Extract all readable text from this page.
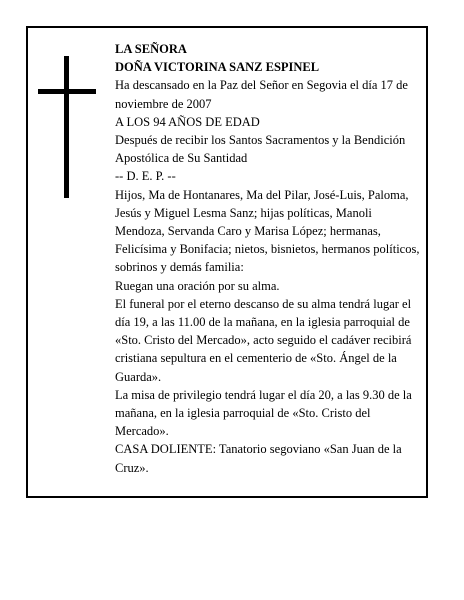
LA SEÑORA

DOÑA VICTORINA SANZ ESPINEL

Ha descansado en la Paz del Señor en Segovia el día 17 de noviembre de 2007

A LOS 94 AÑOS DE EDAD

Después de recibir los Santos Sacramentos y la Bendición Apostólica de Su Santidad

-- D. E. P. --

Hijos, Ma de Hontanares, Ma del Pilar, José-Luis, Paloma, Jesús y Miguel Lesma Sanz; hijas políticas, Manoli Mendoza, Servanda Caro y Marisa López; hermanas, Felicísima y Bonifacia; nietos, bisnietos, hermanos políticos, sobrinos y demás familia:

Ruegan una oración por su alma.

El funeral por el eterno descanso de su alma tendrá lugar el día 19, a las 11.00 de la mañana, en la iglesia parroquial de «Sto. Cristo del Mercado», acto seguido el cadáver recibirá cristiana sepultura en el cementerio de «Sto. Ángel de la Guarda».

La misa de privilegio tendrá lugar el día 20, a las 9.30 de la mañana, en la iglesia parroquial de «Sto. Cristo del Mercado».

CASA DOLIENTE: Tanatorio segoviano «San Juan de la Cruz».
